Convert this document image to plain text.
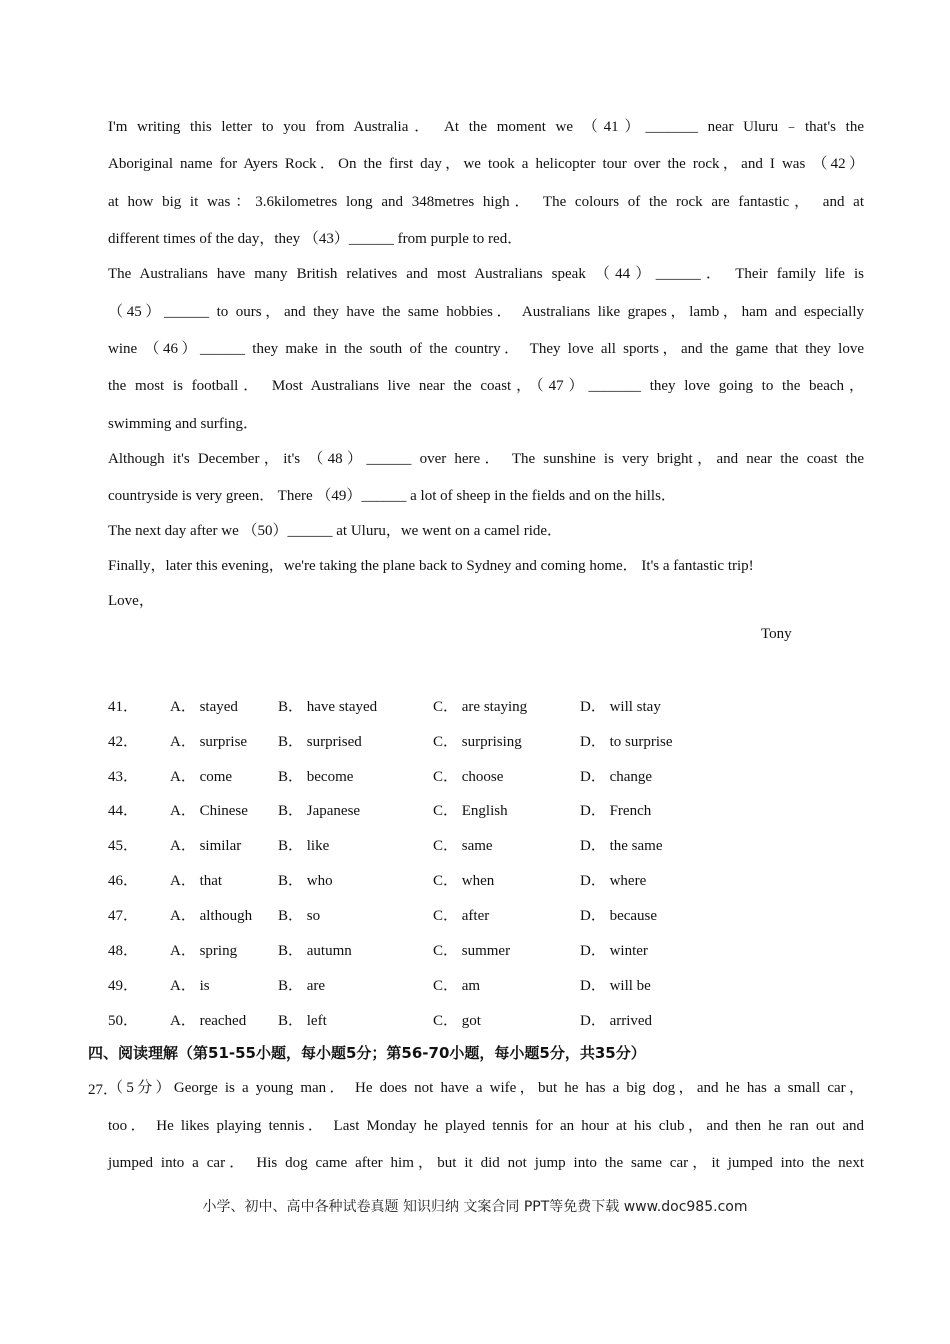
I'm writing this letter to you from Australia． At the moment we （41）_______ near Uluru﹣that's the
Aboriginal name for Ayers Rock．On the first day，we took a helicopter tour over the rock，and I was （42）
at how big it was：3.6kilometres long and 348metres high． The colours of the rock are fantastic， and at
different times of the day，they （43）______ from purple to red．
The Australians have many British relatives and most Australians speak （44）______． Their family life is
（45）______ to ours，and they have the same hobbies． Australians like grapes，lamb，ham and especially
wine （46）______ they make in the south of the country． They love all sports，and the game that they love
the most is football． Most Australians live near the coast，（47）_______ they love going to the beach，
swimming and surfing．
Although it's December，it's （48）______ over here． The sunshine is very bright，and near the coast the
countryside is very green． There （49）______ a lot of sheep in the fields and on the hills．
The next day after we （50）______ at Uluru，we went on a camel ride．
Finally，later this evening，we're taking the plane back to Sydney and coming home． It's a fantastic trip!
Love，
Tony
41． A． stayed	B． have stayed	C． are staying	D． will stay
42． A． surprise B． surprised	C． surprising	D． to surprise
43． A． come	B． become	C． choose	D． change
44． A． Chinese B． Japanese	C． English	D． French
45． A． similar B． like	C． same	D． the same
46． A． that	B． who	C． when	D． where
47． A． although B． so	C． after	D． because
48． A． spring	B． autumn	C． summer	D． winter
49． A． is	B． are	C． am	D． will be
50． A． reached B． left	C． got	D． arrived
四、阅读理解（第51-55小题，每小题5分；第56-70小题，每小题5分，共35分）
27．
（5分）George is a young man． He does not have a wife，but he has a big dog，and he has a small car，
too． He likes playing tennis． Last Monday he played tennis for an hour at his club，and then he ran out and
jumped into a car． His dog came after him，but it did not jump into the same car，it jumped into the next
小学、初中、高中各种试卷真题 知识归纳 文案合同 PPT等免费下载 www.doc985.com
